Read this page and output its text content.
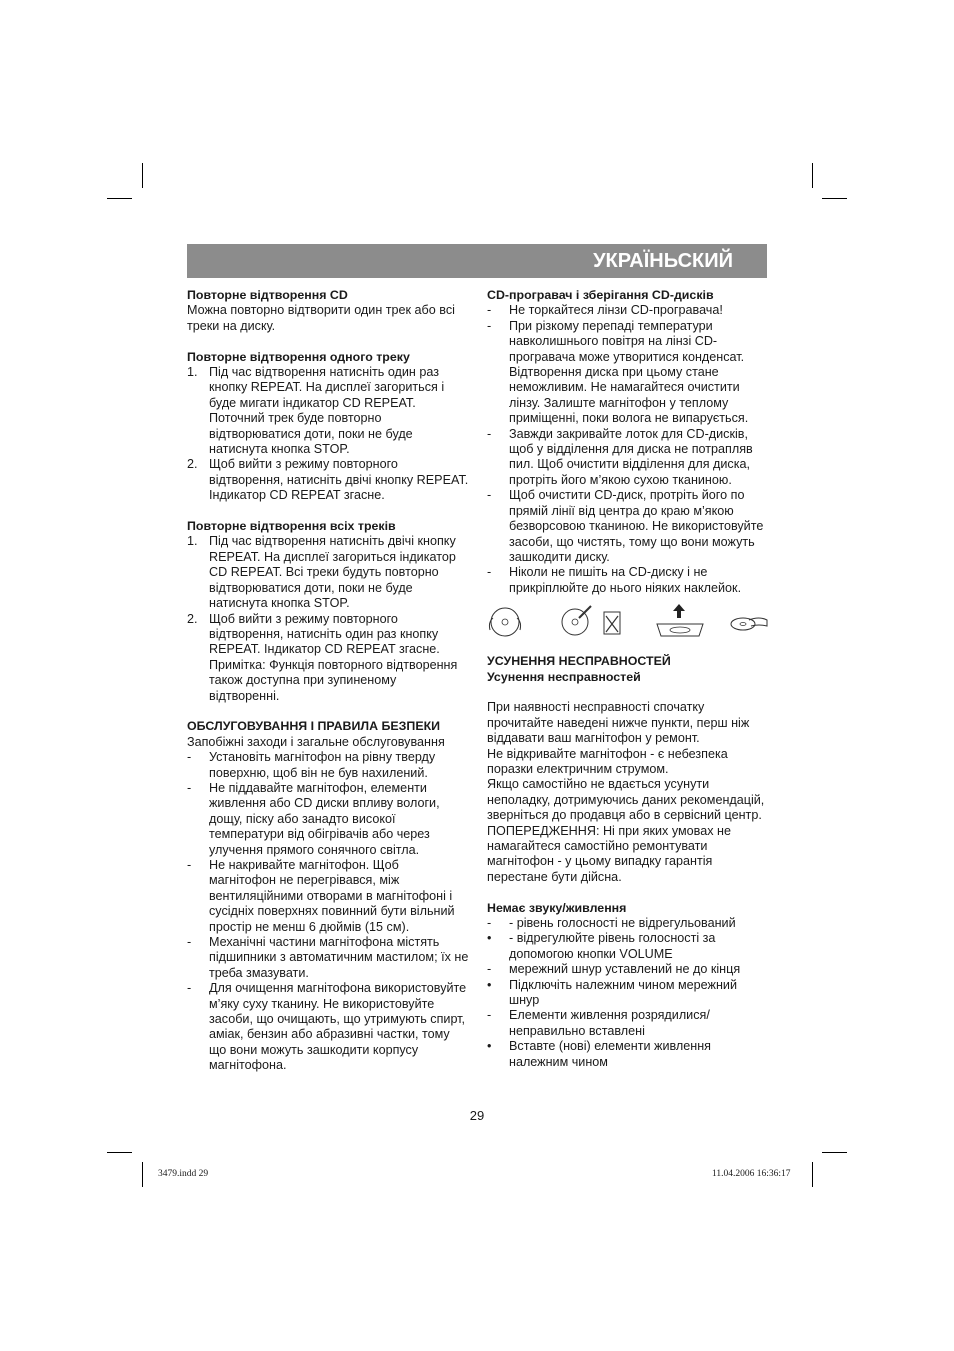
УКРАЇНЬСКИЙ
Повторне відтворення CD

Можна повторно відтворити один трек або всі треки на диску.

Повторне відтворення одного треку
1. Під час відтворення натисніть один раз кнопку REPEAT. На дисплеї загориться і буде мигати індикатор CD REPEAT. Поточний трек буде повторно відтворюватися доти, поки не буде натиснута кнопка STOP.
2. Щоб вийти з режиму повторного відтворення, натисніть двічі кнопку REPEAT. Індикатор CD REPEAT згасне.
Повторне відтворення всіх треків
1. Під час відтворення натисніть двічі кнопку REPEAT. На дисплеї загориться індикатор CD REPEAT. Всі треки будуть повторно відтворюватися доти, поки не буде натиснута кнопка STOP.
2. Щоб вийти з режиму повторного відтворення, натисніть один раз кнопку REPEAT. Індикатор CD REPEAT згасне. Примітка: Функція повторного відтворення також доступна при зупиненому відтворенні.
ОБСЛУГОВУВАННЯ І ПРАВИЛА БЕЗПЕКИ

Запобіжні заходи і загальне обслуговування

-	Установіть магнітофон на рівну тверду поверхню, щоб він не був нахилений.
-	Не піддавайте магнітофон, елементи живлення або CD диски впливу вологи, дощу, піску або занадто високої температури від обігрівачів або через улучення прямого сонячного світла.
-	Не накривайте магнітофон. Щоб магнітофон не перегрівався, між вентиляційними отворами в магнітофоні і сусідніх поверхнях повинний бути вільний простір не менш 6 дюймів (15 см).
-	Механічні частини магнітофона містять підшипники з автоматичним мастилом; їх не треба змазувати.
-	Для очищення магнітофона використовуйте м’яку суху тканину. Не використовуйте засоби, що очищають, що утримують спирт, аміак, бензин або абразивні частки, тому що вони можуть зашкодити корпусу магнітофона.
CD-програвач і зберігання CD-дисків
-	Не торкайтеся лінзи CD-програвача!
-	При різкому перепаді температури навколишнього повітря на лінзі CD-програвача може утворитися конденсат. Відтворення диска при цьому стане неможливим. Не намагайтеся очистити лінзу. Залиште магнітофон у теплому приміщенні, поки волога не випарується.
-	Завжди закривайте лоток для CD-дисків, щоб у відділення для диска не потрапляв пил. Щоб очистити відділення для диска, протріть його м’якою сухою тканиною.
-	Щоб очистити CD-диск, протріть його по прямій лінії від центра до краю м’якою безворсовою тканиною. Не використовуйте засоби, що чистять, тому що вони можуть зашкодити диску.
-	Ніколи не пишіть на CD-диску і не прикріплюйте до нього ніяких наклейок.
УСУНЕННЯ НЕСПРАВНОСТЕЙ
Усунення несправностей

При наявності несправності спочатку прочитайте наведені нижче пункти, перш ніж віддавати ваш магнітофон у ремонт.

Не відкривайте магнітофон - є небезпека поразки електричним струмом.

Якщо самостійно не вдається усунути неполадку, дотримуючись даних рекомендацій, зверніться до продавця або в сервісний центр.

ПОПЕРЕДЖЕННЯ: Ні при яких умовах не намагайтеся самостійно ремонтувати магнітофон - у цьому випадку гарантія перестане бути дійсна.

Немає звуку/живлення
-	- рівень голосності не відрегульований
•	- відрегулюйте рівень голосності за допомогою кнопки VOLUME
-	мережний шнур уставлений не до кінця
•	Підключіть належним чином мережний шнур
-	Елементи живлення розрядилися/ неправильно вставлені
•	Вставте (нові) елементи живлення належним чином
29
3479.indd 29	11.04.2006 16:36:17
